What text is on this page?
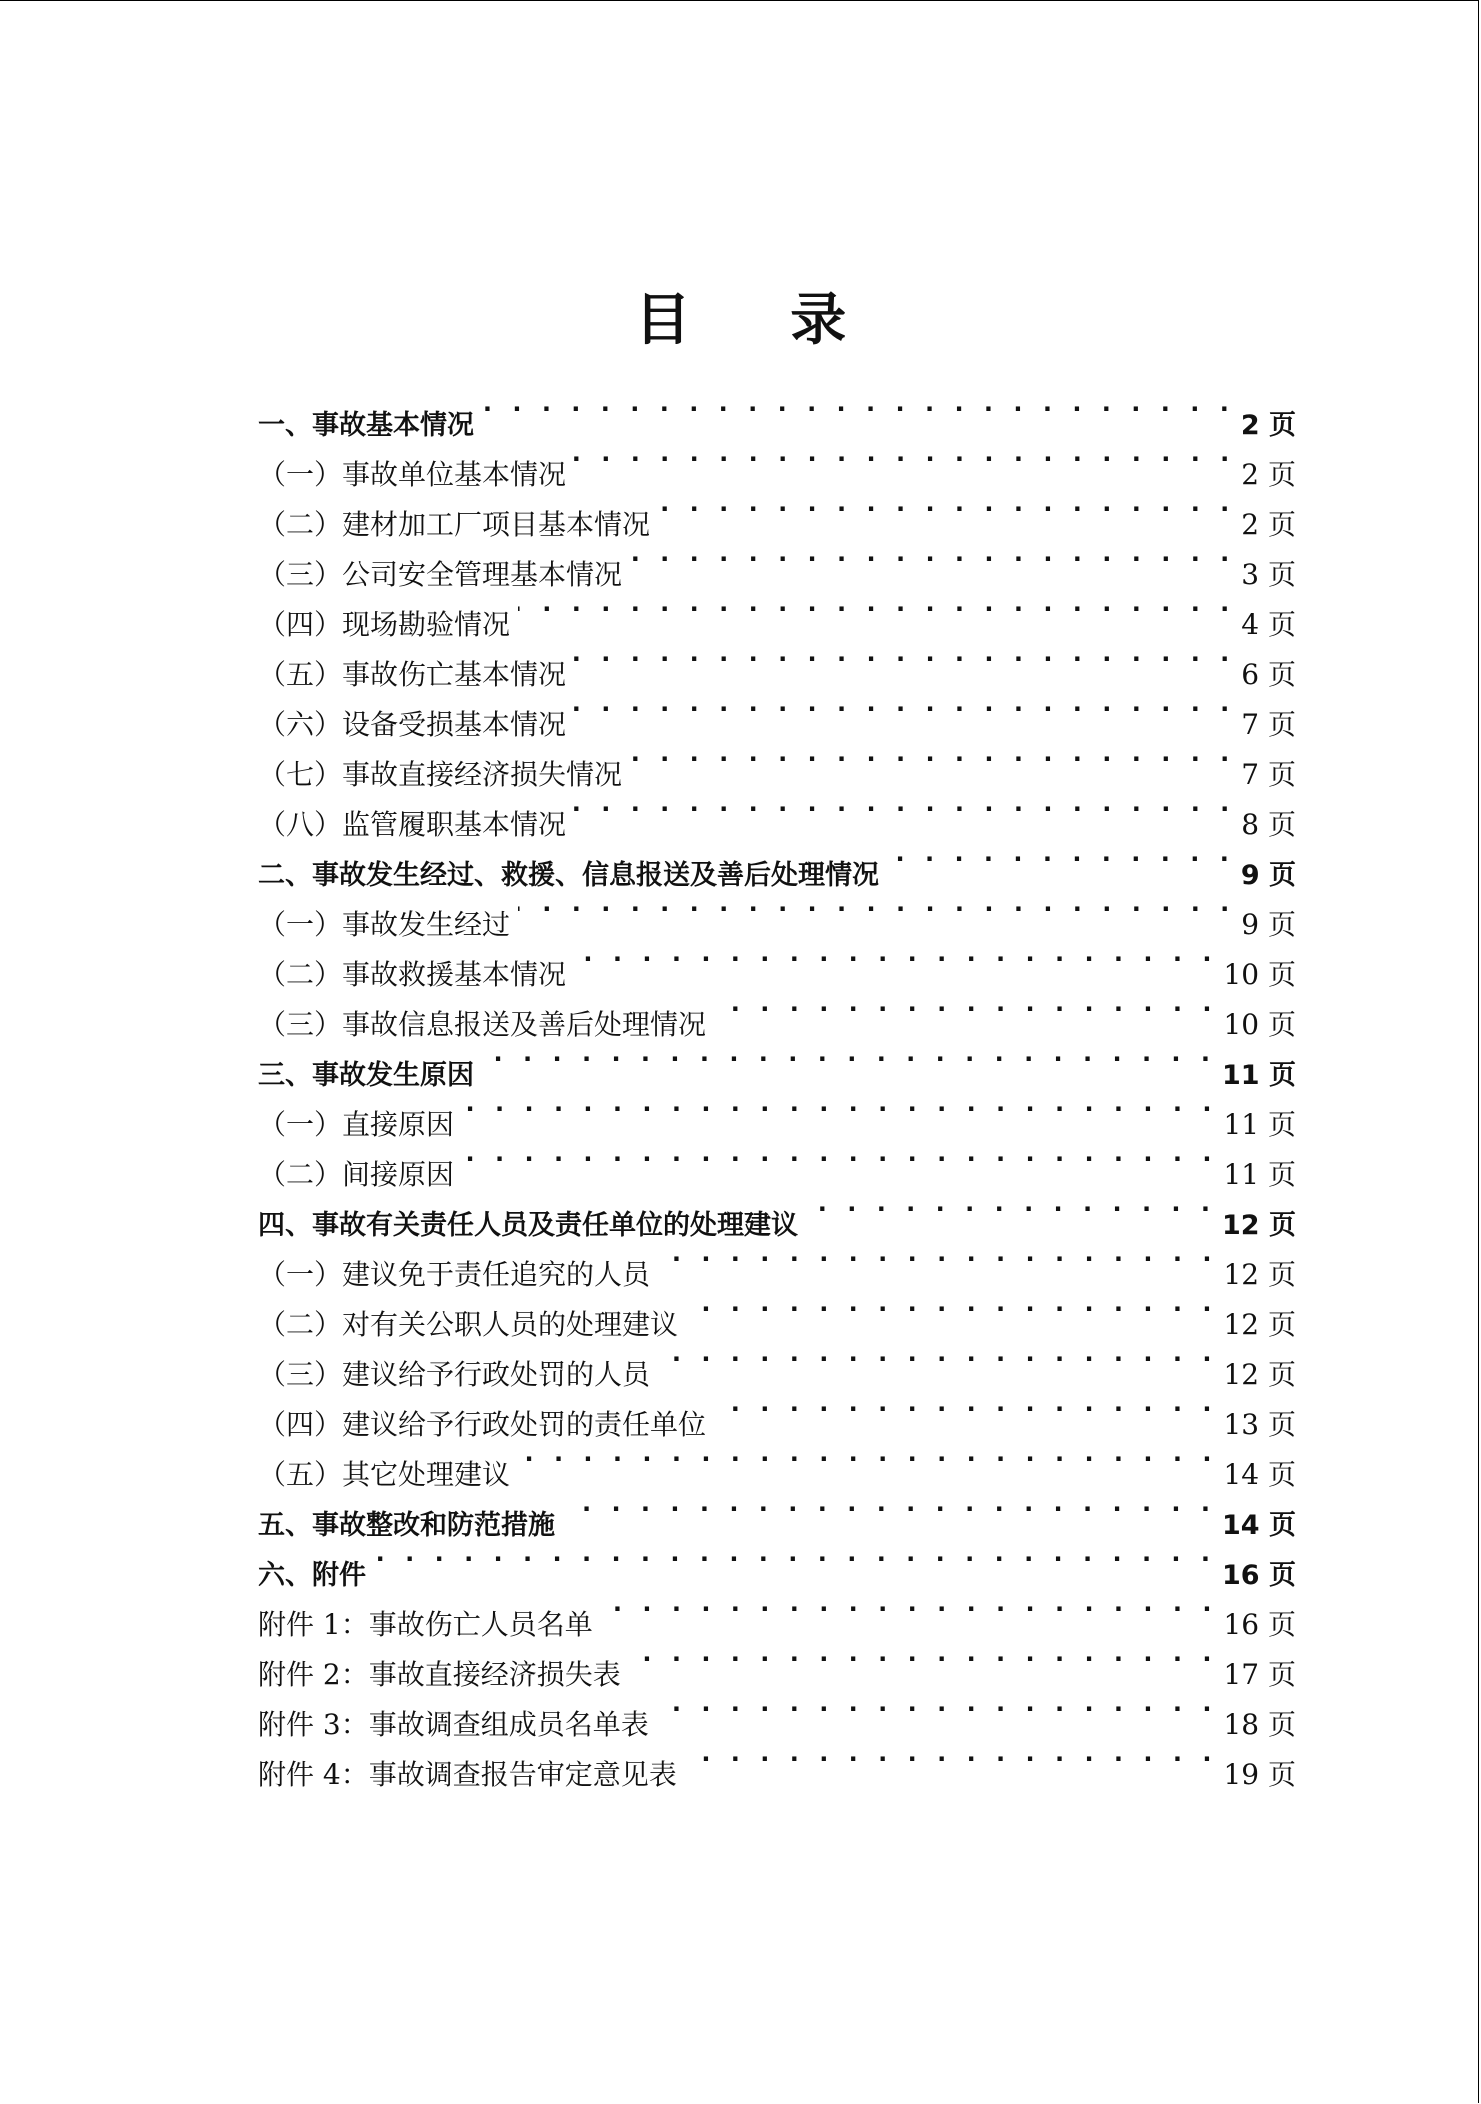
目 录
一、事故基本情况 · · ·	2 页
（一）事故单位基本情况 · · ·	2 页
（二）建材加工厂项目基本情况 · · ·	2 页
（三）公司安全管理基本情况 · · ·	3 页
（四）现场勘验情况 · · ·	4 页
（五）事故伤亡基本情况 · · ·	6 页
（六）设备受损基本情况 · · ·	7 页
（七）事故直接经济损失情况 · · ·	7 页
（八）监管履职基本情况 · · ·	8 页
二、事故发生经过、救援、信息报送及善后处理情况 · · ·	9 页
（一）事故发生经过 · · ·	9 页
（二）事故救援基本情况 · · ·	10 页
（三）事故信息报送及善后处理情况 · · ·	10 页
三、事故发生原因 · · ·	11 页
（一）直接原因 · · ·	11 页
（二）间接原因 · · ·	11 页
四、事故有关责任人员及责任单位的处理建议 · · ·	12 页
（一）建议免于责任追究的人员 · · ·	12 页
（二）对有关公职人员的处理建议 · · ·	12 页
（三）建议给予行政处罚的人员 · · ·	12 页
（四）建议给予行政处罚的责任单位 · · ·	13 页
（五）其它处理建议 · · ·	14 页
五、事故整改和防范措施 · · ·	14 页
六、附件 · · ·	16 页
附件 1：事故伤亡人员名单 · · ·	16 页
附件 2：事故直接经济损失表 · · ·	17 页
附件 3：事故调查组成员名单表 · · ·	18 页
附件 4：事故调查报告审定意见表 · · ·	19 页
